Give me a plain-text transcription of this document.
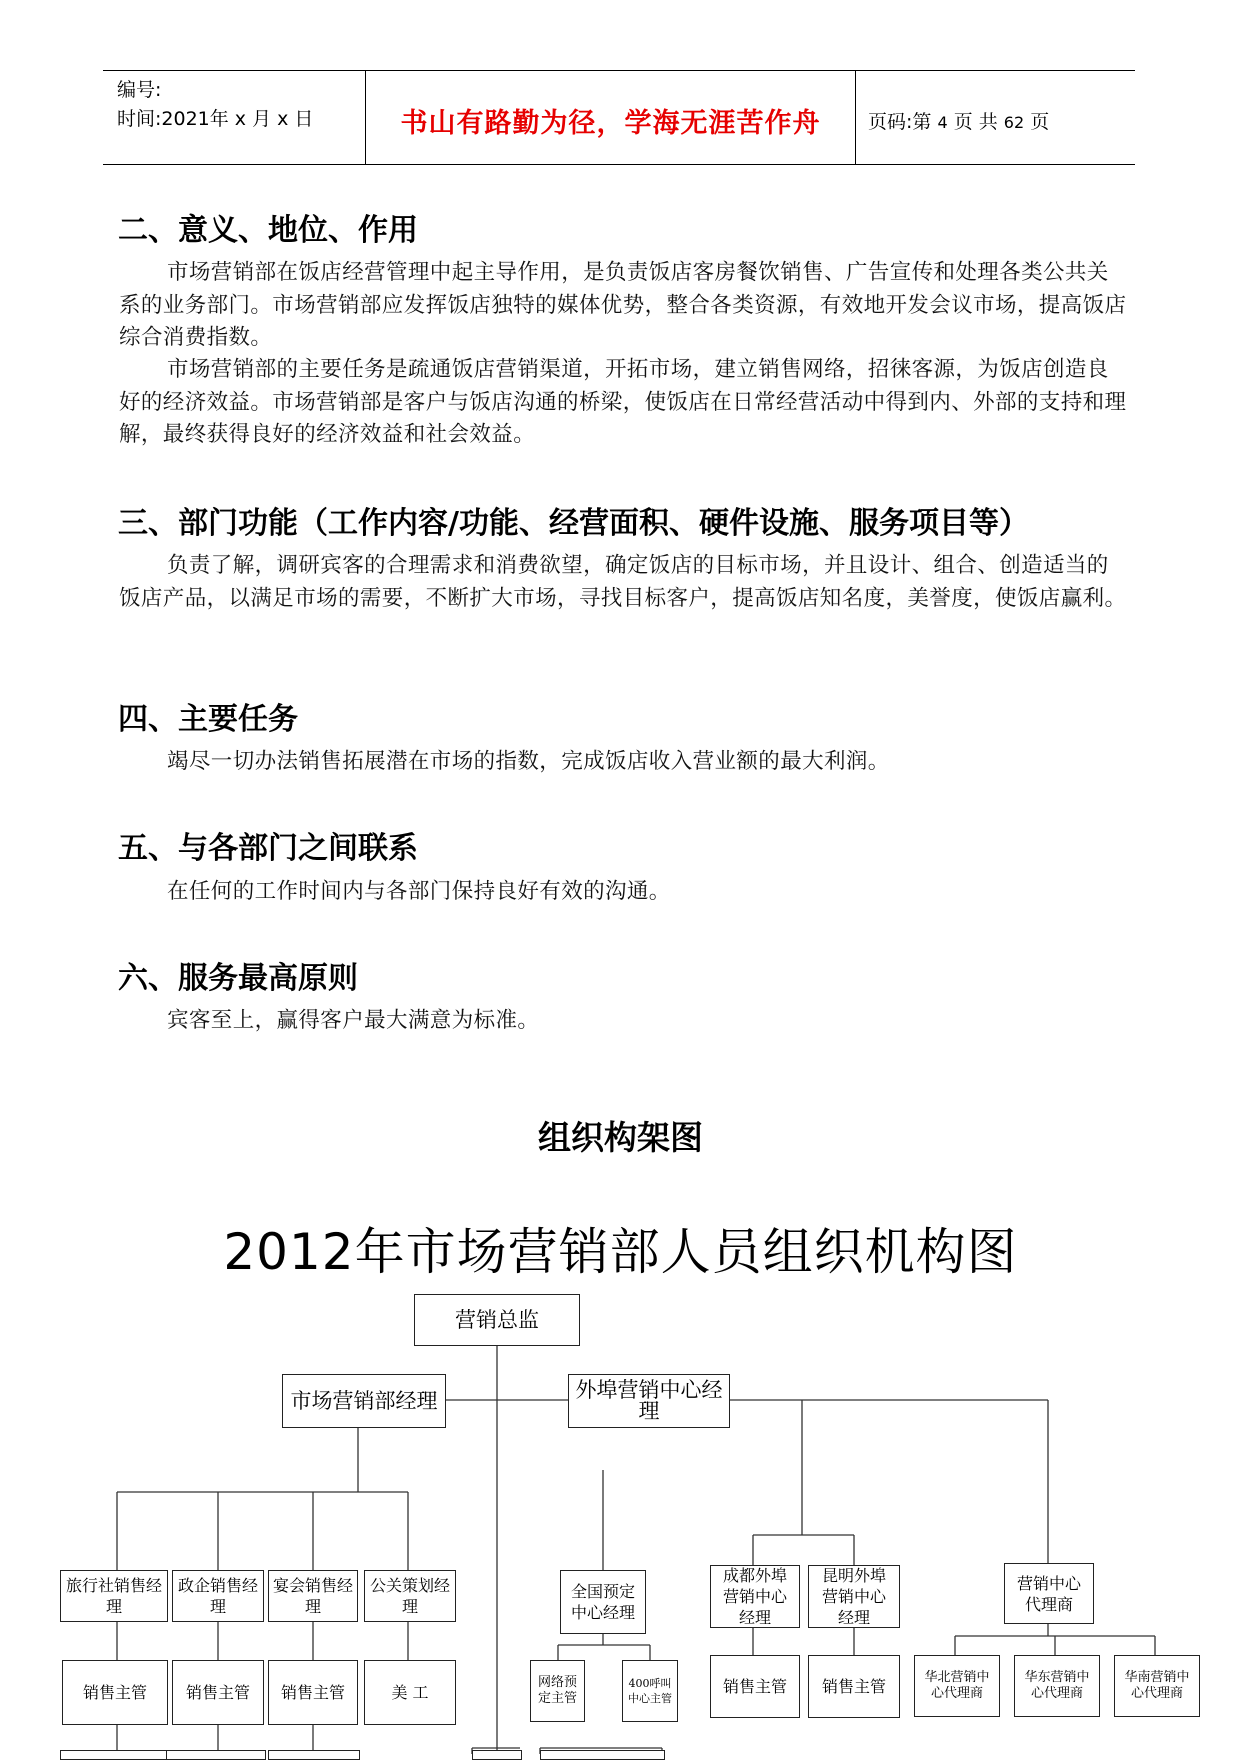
编号:
时间:2021年 x 月 x 日	书山有路勤为径，学海无涯苦作舟	页码:第 4 页 共 62 页
二、意义、地位、作用
市场营销部在饭店经营管理中起主导作用，是负责饭店客房餐饮销售、广告宣传和处理各类公共关系的业务部门。市场营销部应发挥饭店独特的媒体优势，整合各类资源，有效地开发会议市场，提高饭店综合消费指数。
市场营销部的主要任务是疏通饭店营销渠道，开拓市场，建立销售网络，招徕客源，为饭店创造良好的经济效益。市场营销部是客户与饭店沟通的桥梁，使饭店在日常经营活动中得到内、外部的支持和理解，最终获得良好的经济效益和社会效益。
三、部门功能（工作内容/功能、经营面积、硬件设施、服务项目等）
负责了解，调研宾客的合理需求和消费欲望，确定饭店的目标市场，并且设计、组合、创造适当的饭店产品，以满足市场的需要，不断扩大市场，寻找目标客户，提高饭店知名度，美誉度，使饭店赢利。
四、主要任务
竭尽一切办法销售拓展潜在市场的指数，完成饭店收入营业额的最大利润。
五、与各部门之间联系
在任何的工作时间内与各部门保持良好有效的沟通。
六、服务最高原则
宾客至上，赢得客户最大满意为标准。
组织构架图
2012年市场营销部人员组织机构图
营销总监
市场营销部经理	外埠营销中心经理
旅行社销售经理
政企销售经理
宴会销售经理
公关策划经理
全国预定中心经理
成都外埠营销中心经理
昆明外埠营销中心经理
营销中心代理商
销售主管	销售主管	销售主管	美 工
网络预定主管
400呼叫中心主管
销售主管	销售主管	华北营销中心代理商
华东营销中心代理商
华南营销中心代理商
